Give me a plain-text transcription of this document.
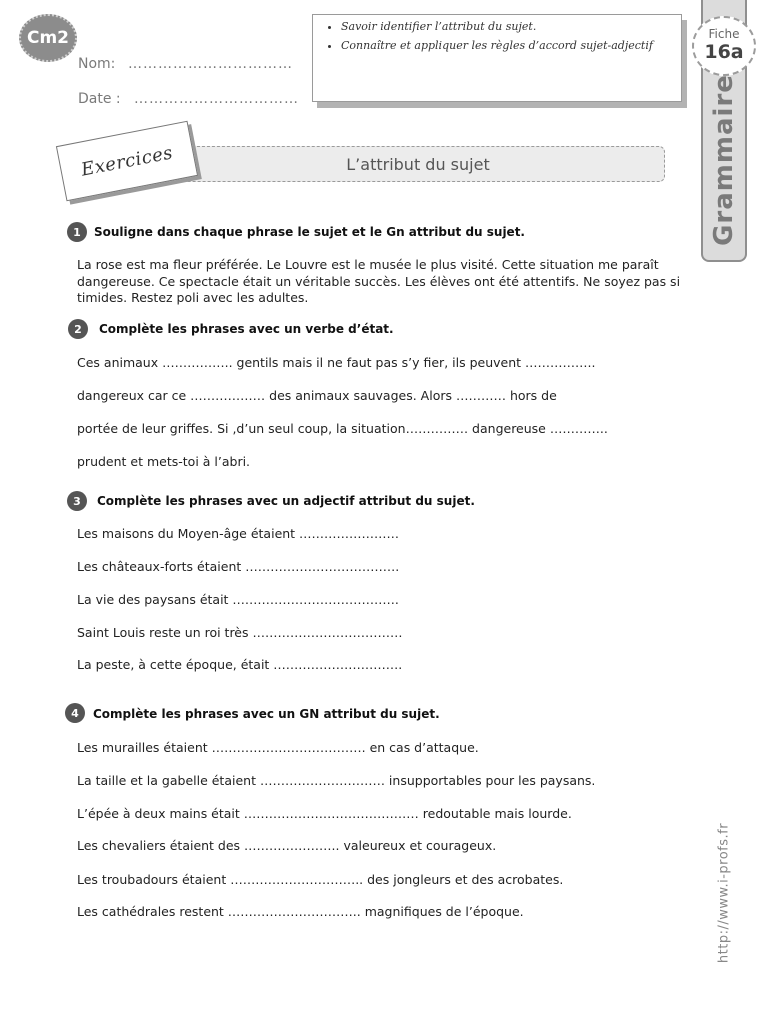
Cm2
Nom: ……………………………
Date : ……………………………
• Savoir identifier l’attribut du sujet.
• Connaître et appliquer les règles d’accord sujet-adjectif
Fiche
16a
Grammaire
L’attribut du sujet
Exercices
1	Souligne dans chaque phrase le sujet et le Gn attribut du sujet.
La rose est ma fleur préférée. Le Louvre est le musée le plus visité. Cette situation me paraît dangereuse. Ce spectacle était un véritable succès. Les élèves ont été attentifs. Ne soyez pas si timides. Restez poli avec les adultes.
2	Complète les phrases avec un verbe d’état.
Ces animaux …………….. gentils mais il ne faut pas s’y fier, ils peuvent ……………..
dangereux car ce ……………… des animaux sauvages. Alors ………… hors de
portée de leur griffes. Si ,d’un seul coup, la situation…………… dangereuse …………..
prudent et mets-toi à l’abri.
3	Complète les phrases avec un adjectif attribut du sujet.
Les maisons du Moyen-âge étaient ……………………
Les châteaux-forts étaient ……………………………….
La vie des paysans était ………………………………….
Saint Louis reste un roi très ………………………………
La peste, à cette époque, était ………………………….
4	Complète les phrases avec un GN attribut du sujet.
Les murailles étaient ………………………………. en cas d’attaque.
La taille et la gabelle étaient ………………………… insupportables pour les paysans.
L’épée à deux mains était …………………………………… redoutable mais lourde.
Les chevaliers étaient des ………………….. valeureux et courageux.
Les troubadours étaient ………………………….. des jongleurs et des acrobates.
Les cathédrales restent ………………………….. magnifiques de l’époque.	http://www.i-profs.fr
